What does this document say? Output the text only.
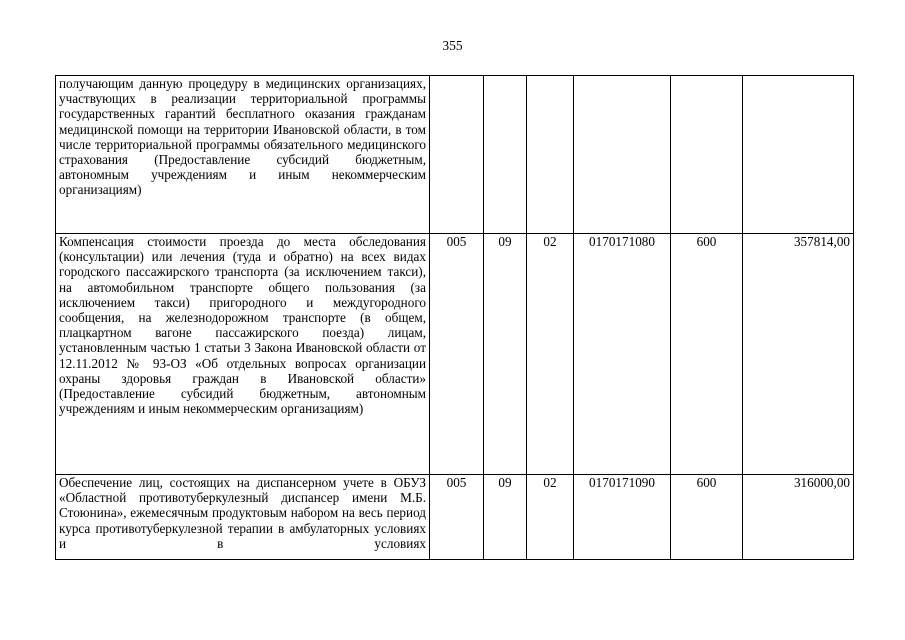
355
получающим данную процедуру в медицинских организациях, участвующих в реализации территориальной программы государственных гарантий бесплатного оказания гражданам медицинской помощи на территории Ивановской области, в том числе территориальной программы обязательного медицинского страхования (Предоставление субсидий бюджетным, автономным учреждениям и иным некоммерческим организациям)						
Компенсация стоимости проезда до места обследования (консультации) или лечения (туда и обратно) на всех видах городского пассажирского транспорта (за исключением такси), на автомобильном транспорте общего пользования (за исключением такси) пригородного и междугородного сообщения, на железнодорожном транспорте (в общем, плацкартном вагоне пассажирского поезда) лицам, установленным частью 1 статьи 3 Закона Ивановской области от 12.11.2012 № 93-ОЗ «Об отдельных вопросах организации охраны здоровья граждан в Ивановской области» (Предоставление субсидий бюджетным, автономным учреждениям и иным некоммерческим организациям)	005	09	02	0170171080	600	357814,00
Обеспечение лиц, состоящих на диспансерном учете в ОБУЗ «Областной противотуберкулезный диспансер имени М.Б. Стоюнина», ежемесячным продуктовым набором на весь период курса противотуберкулезной терапии в амбулаторных условиях и в условиях	005	09	02	0170171090	600	316000,00
